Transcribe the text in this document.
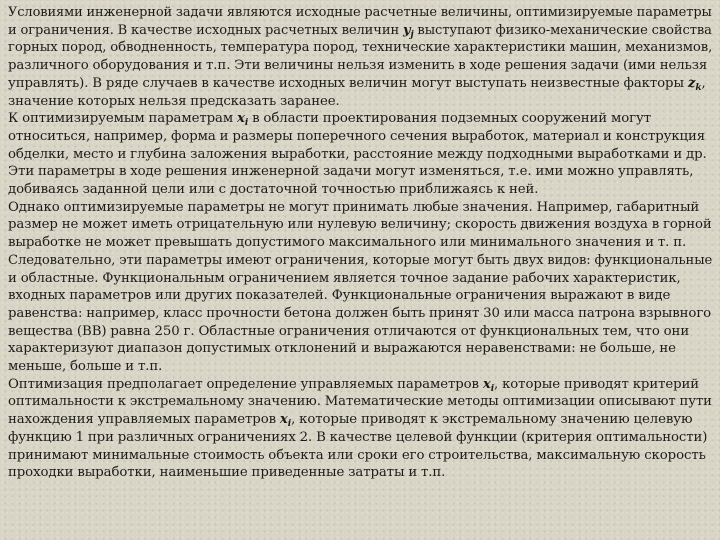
Условиями инженерной задачи являются исходные расчетные величины, оптимизируемые параметры
и ограничения. В качестве исходных расчетных величин $y_j$ выступают физико-механические свойства
горных пород, обводненность, температура пород, технические характеристики машин, механизмов,
различного оборудования и т.п. Эти величины нельзя изменить в ходе решения задачи (ими нельзя
управлять). В ряде случаев в качестве исходных величин могут выступать неизвестные факторы $z_k$,
значение которых нельзя предсказать заранее.
К оптимизируемым параметрам $x_i$ в области проектирования подземных сооружений могут
относиться, например, форма и размеры поперечного сечения выработок, материал и конструкция
обделки, место и глубина заложения выработки, расстояние между подходными выработками и др.
Эти параметры в ходе решения инженерной задачи могут изменяться, т.е. ими можно управлять,
добиваясь заданной цели или с достаточной точностью приближаясь к ней.
Однако оптимизируемые параметры не могут принимать любые значения. Например, габаритный
размер не может иметь отрицательную или нулевую величину; скорость движения воздуха в горной
выработке не может превышать допустимого максимального или минимального значения и т. п.
Следовательно, эти параметры имеют ограничения, которые могут быть двух видов: функциональные
и областные. Функциональным ограничением является точное задание рабочих характеристик,
входных параметров или других показателей. Функциональные ограничения выражают в виде
равенства: например, класс прочности бетона должен быть принят 30 или масса патрона взрывного
вещества (ВВ) равна 250 г. Областные ограничения отличаются от функциональных тем, что они
характеризуют диапазон допустимых отклонений и выражаются неравенствами: не больше, не
меньше, больше и т.п.
Оптимизация предполагает определение управляемых параметров $x_i$, которые приводят критерий
оптимальности к экстремальному значению. Математические методы оптимизации описывают пути
нахождения управляемых параметров $x_i$, которые приводят к экстремальному значению целевую
функцию 1 при различных ограничениях 2. В качестве целевой функции (критерия оптимальности)
принимают минимальные стоимость объекта или сроки его строительства, максимальную скорость
проходки выработки, наименьшие приведенные затраты и т.п.
